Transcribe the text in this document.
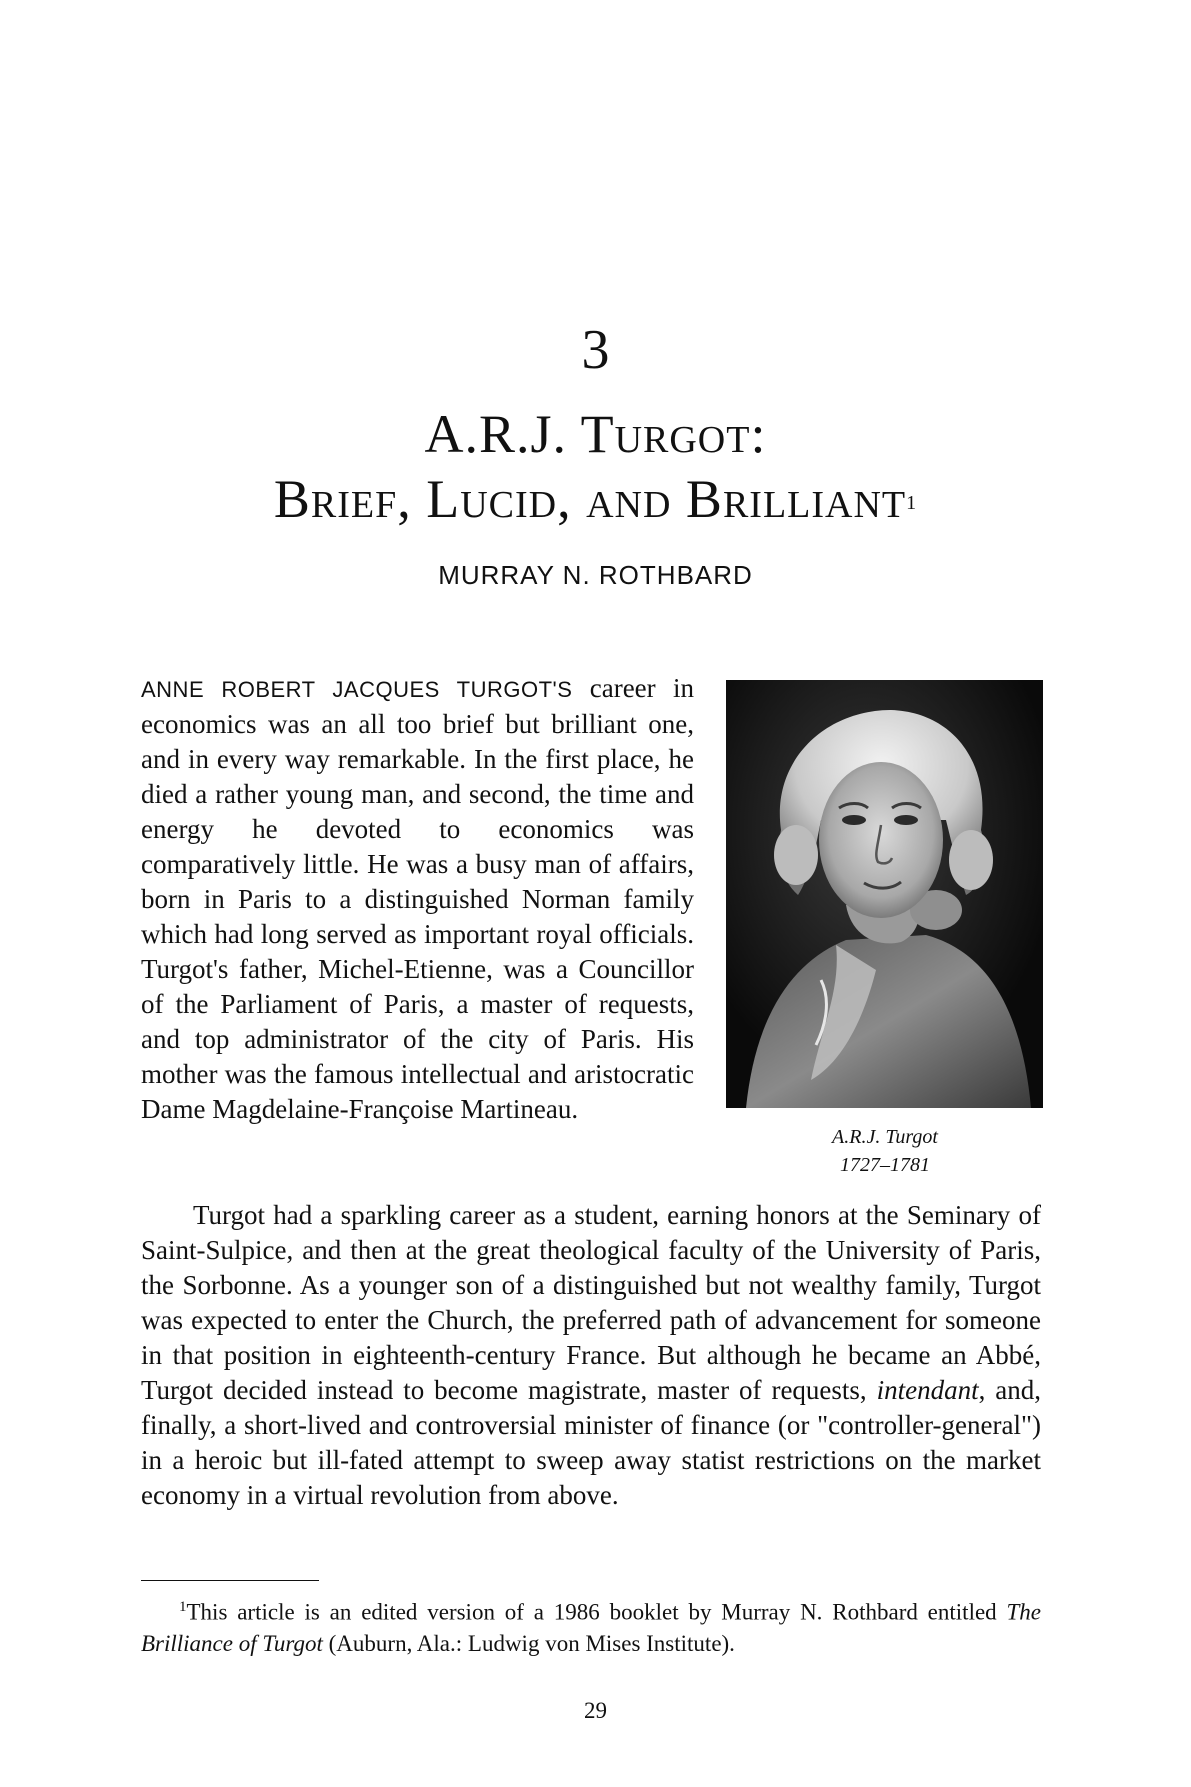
3
A.R.J. Turgot:
Brief, Lucid, and Brilliant$^1$
MURRAY N. ROTHBARD
A.R.J. Turgot
1727–1781
ANNE ROBERT JACQUES TURGOT'S career in economics was an all too brief but brilliant one, and in every way remarkable. In the first place, he died a rather young man, and second, the time and energy he devoted to economics was comparatively little. He was a busy man of affairs, born in Paris to a distinguished Norman family which had long served as important royal officials. Turgot's father, Michel-Etienne, was a Councillor of the Parliament of Paris, a master of requests, and top administrator of the city of Paris. His mother was the famous intellectual and aristocratic Dame Magdelaine-Françoise Martineau.
Turgot had a sparkling career as a student, earning honors at the Seminary of Saint-Sulpice, and then at the great theological faculty of the University of Paris, the Sorbonne. As a younger son of a distinguished but not wealthy family, Turgot was expected to enter the Church, the preferred path of advancement for someone in that position in eighteenth-century France. But although he became an Abbé, Turgot decided instead to become magistrate, master of requests, intendant, and, finally, a short-lived and controversial minister of finance (or "controller-general") in a heroic but ill-fated attempt to sweep away statist restrictions on the market economy in a virtual revolution from above.
$^1$This article is an edited version of a 1986 booklet by Murray N. Rothbard entitled The Brilliance of Turgot (Auburn, Ala.: Ludwig von Mises Institute).
29
